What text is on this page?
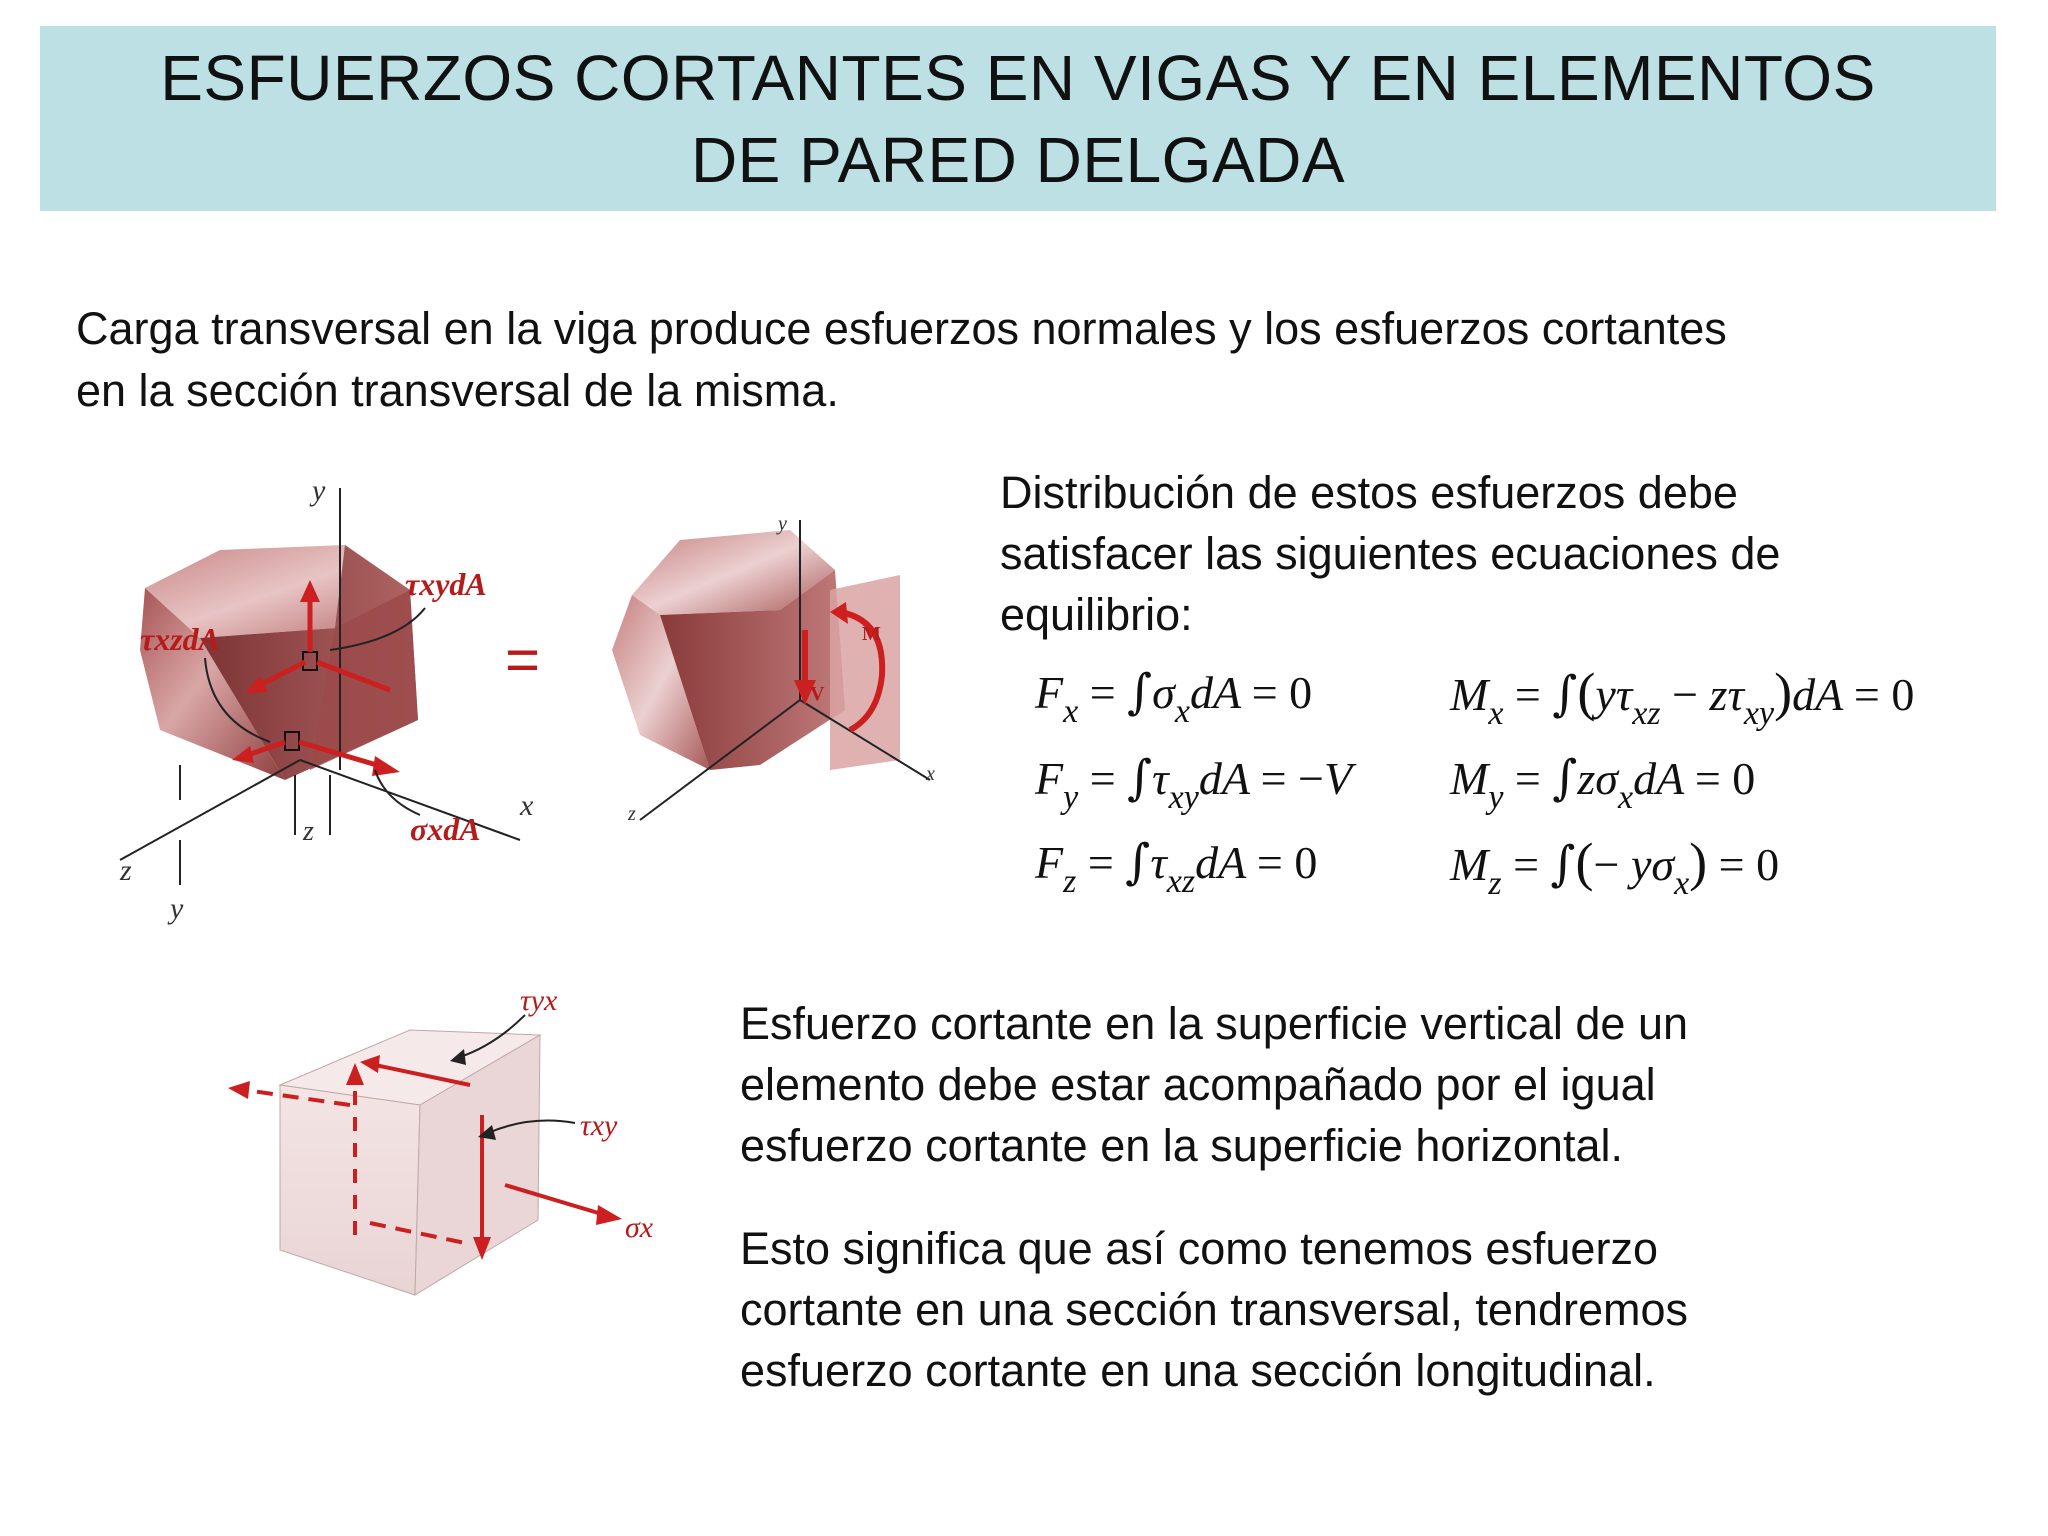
ESFUERZOS CORTANTES EN VIGAS Y EN ELEMENTOS
DE PARED DELGADA
Carga transversal en la viga produce esfuerzos normales y los esfuerzos cortantes
en la sección transversal de la misma.
y
τxydA
τxzdA
σxdA
x
z
z
y
=
y
x
z
M
V
Distribución de estos esfuerzos debe
satisfacer las siguientes ecuaciones de
equilibrio:
$F_x = \int\sigma_xdA = 0$
$F_y = \int\tau_{xy}dA = -V$
$F_z = \int\tau_{xz}dA = 0$
$M_x = \int(y\tau_{xz} - z\tau_{xy})dA = 0$
$M_y = \int z\sigma_xdA = 0$
$M_z$ = ∫(− $y\sigma_x) = 0$
τyx
τxy
σx
Esfuerzo cortante en la superficie vertical de un
elemento debe estar acompañado por el igual
esfuerzo cortante en la superficie horizontal.
Esto significa que así como tenemos esfuerzo
cortante en una sección transversal, tendremos
esfuerzo cortante en una sección longitudinal.
